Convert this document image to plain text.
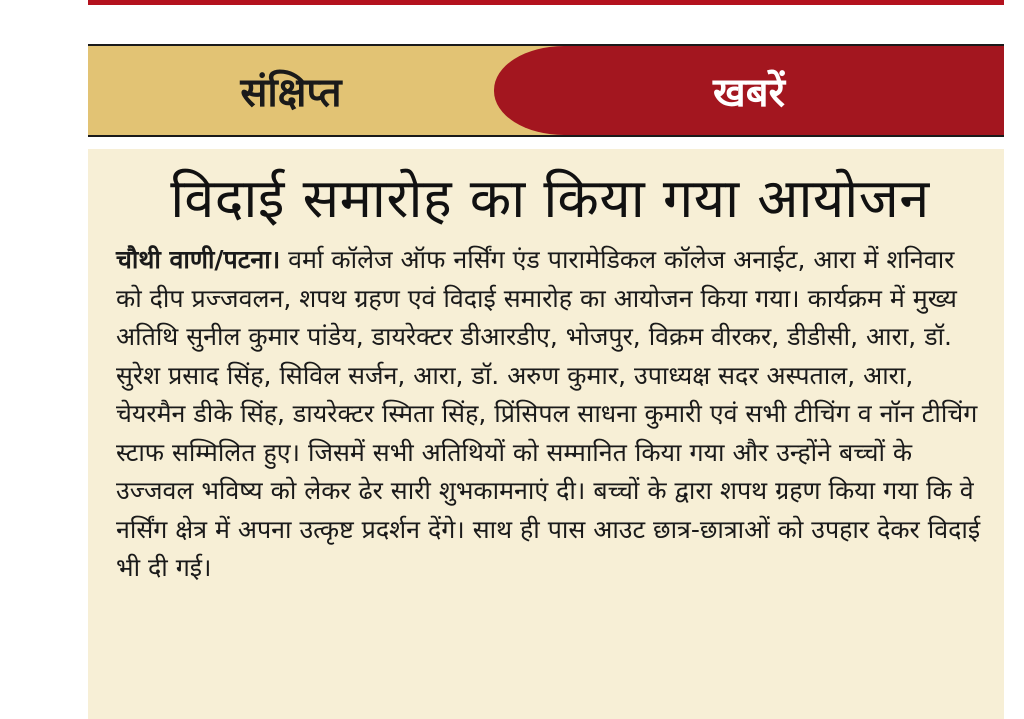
संक्षिप्त	खबरें
विदाई समारोह का किया गया आयोजन

चौथी वाणी/पटना। वर्मा कॉलेज ऑफ नर्सिंग एंड पारामेडिकल कॉलेज अनाईट, आरा में शनिवार को दीप प्रज्जवलन, शपथ ग्रहण एवं विदाई समारोह का आयोजन किया गया। कार्यक्रम में मुख्य अतिथि सुनील कुमार पांडेय, डायरेक्टर डीआरडीए, भोजपुर, विक्रम वीरकर, डीडीसी, आरा, डॉ. सुरेश प्रसाद सिंह, सिविल सर्जन, आरा, डॉ. अरुण कुमार, उपाध्यक्ष सदर अस्पताल, आरा, चेयरमैन डीके सिंह, डायरेक्टर स्मिता सिंह, प्रिंसिपल साधना कुमारी एवं सभी टीचिंग व नॉन टीचिंग स्टाफ सम्मिलित हुए। जिसमें सभी अतिथियों को सम्मानित किया गया और उन्होंने बच्चों के उज्जवल भविष्य को लेकर ढेर सारी शुभकामनाएं दी। बच्चों के द्वारा शपथ ग्रहण किया गया कि वे नर्सिंग क्षेत्र में अपना उत्कृष्ट प्रदर्शन देंगे। साथ ही पास आउट छात्र-छात्राओं को उपहार देकर विदाई भी दी गई।
